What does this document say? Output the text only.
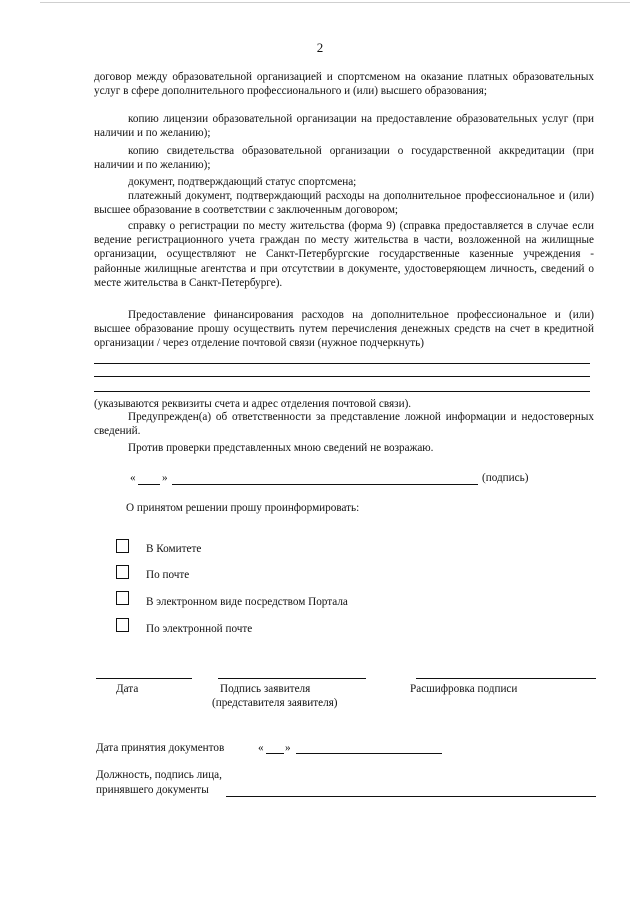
2

договор между образовательной организацией и спортсменом на оказание платных образовательных услуг в сфере дополнительного профессионального и (или) высшего образования;

копию лицензии образовательной организации на предоставление образовательных услуг (при наличии и по желанию);

копию свидетельства образовательной организации о государственной аккредитации (при наличии и по желанию);

документ, подтверждающий статус спортсмена;

платежный документ, подтверждающий расходы на дополнительное профессиональное и (или) высшее образование в соответствии с заключенным договором;

справку о регистрации по месту жительства (форма 9) (справка предоставляется в случае если ведение регистрационного учета граждан по месту жительства в части, возложенной на жилищные организации, осуществляют не Санкт-Петербургские государственные казенные учреждения - районные жилищные агентства и при отсутствии в документе, удостоверяющем личность, сведений о месте жительства в Санкт-Петербурге).

Предоставление финансирования расходов на дополнительное профессиональное и (или) высшее образование прошу осуществить путем перечисления денежных средств на счет в кредитной организации / через отделение почтовой связи (нужное подчеркнуть)

(указываются реквизиты счета и адрес отделения почтовой связи).

Предупрежден(а) об ответственности за представление ложной информации и недостоверных сведений.

Против проверки представленных мною сведений не возражаю.
« »	(подпись)
О принятом решении прошу проинформировать:
В Комитете
По почте
В электронном виде посредством Портала
По электронной почте
Дата	Подпись заявителя
(представителя заявителя)
Расшифровка подписи
Дата принятия документов	« »
Должность, подпись лица,
принявшего документы
